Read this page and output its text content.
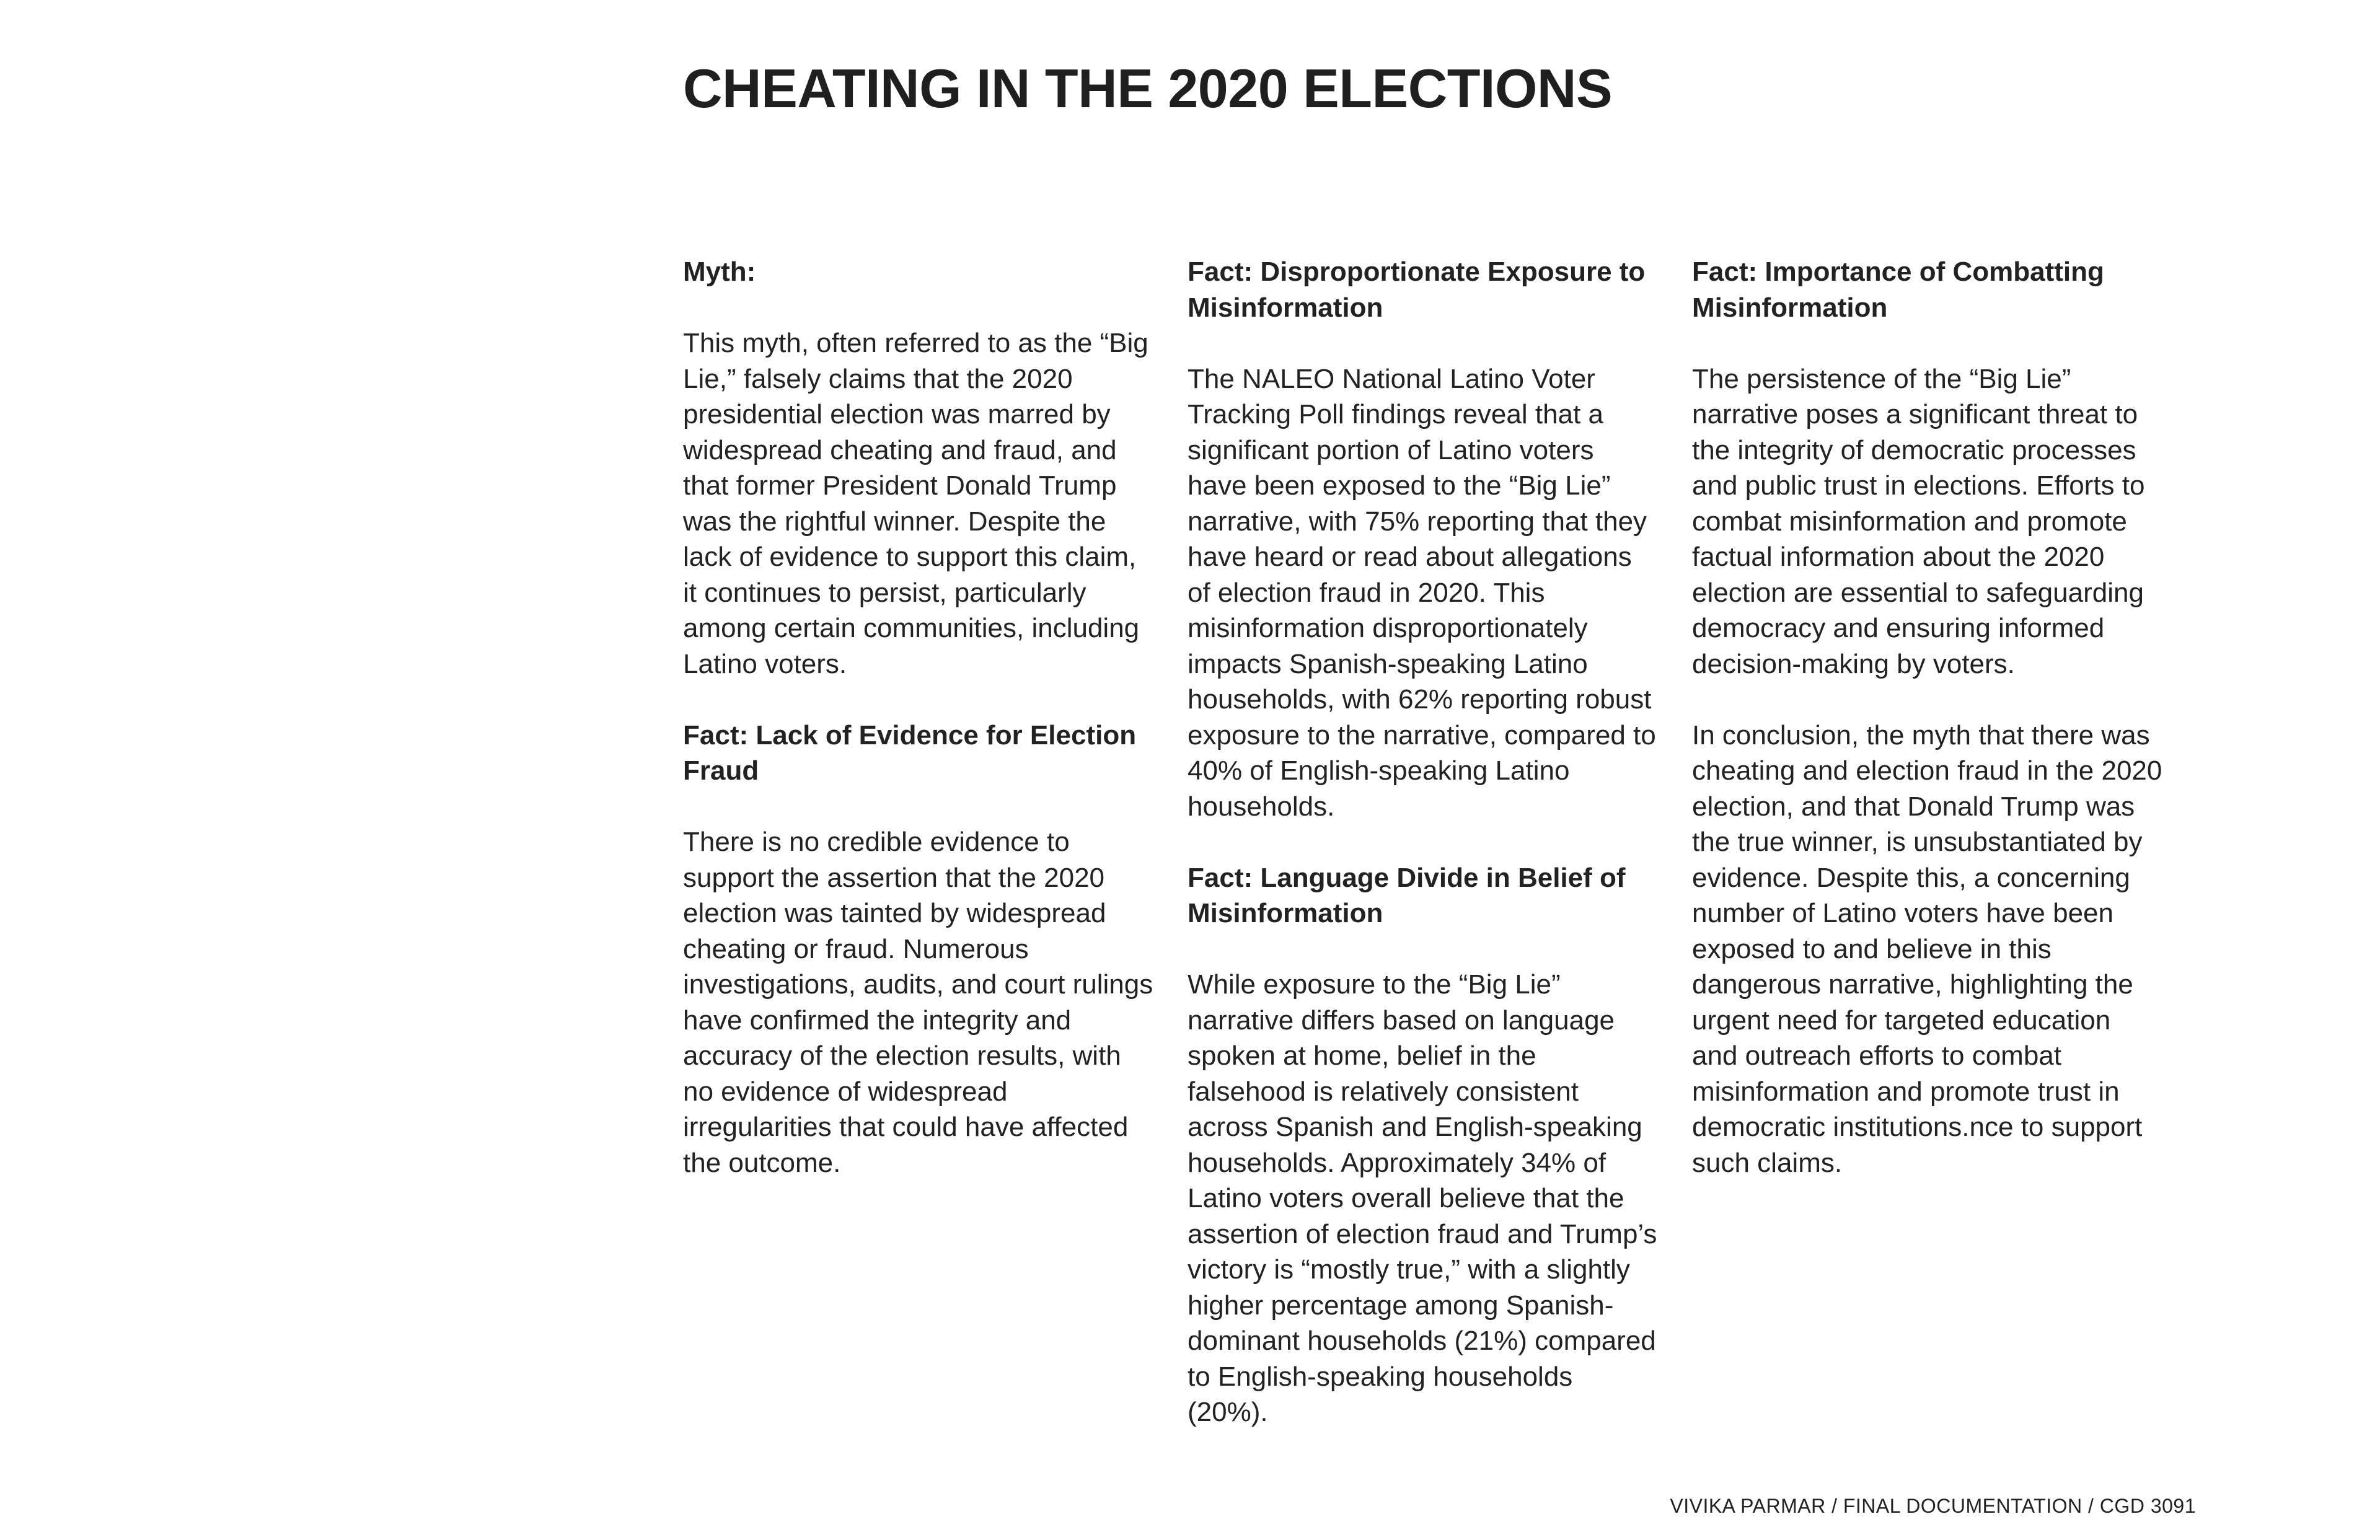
CHEATING IN THE 2020 ELECTIONS
Myth:
This myth, often referred to as the “Big Lie,” falsely claims that the 2020 presidential election was marred by widespread cheating and fraud, and that former President Donald Trump was the rightful winner. Despite the lack of evidence to support this claim, it continues to persist, particularly among certain communities, including Latino voters.
Fact: Lack of Evidence for Election Fraud
There is no credible evidence to support the assertion that the 2020 election was tainted by widespread cheating or fraud. Numerous investigations, audits, and court rulings have confirmed the integrity and accuracy of the election results, with no evidence of widespread irregularities that could have affected the outcome.
Fact: Disproportionate Exposure to Misinformation
The NALEO National Latino Voter Tracking Poll findings reveal that a significant portion of Latino voters have been exposed to the “Big Lie” narrative, with 75% reporting that they have heard or read about allegations of election fraud in 2020. This misinformation disproportionately impacts Spanish-speaking Latino households, with 62% reporting robust exposure to the narrative, compared to 40% of English-speaking Latino households.
Fact: Language Divide in Belief of Misinformation
While exposure to the “Big Lie” narrative differs based on language spoken at home, belief in the falsehood is relatively consistent across Spanish and English-speaking households. Approximately 34% of Latino voters overall believe that the assertion of election fraud and Trump’s victory is “mostly true,” with a slightly higher percentage among Spanish-dominant households (21%) compared to English-speaking households (20%).
Fact: Importance of Combatting Misinformation
The persistence of the “Big Lie” narrative poses a significant threat to the integrity of democratic processes and public trust in elections. Efforts to combat misinformation and promote factual information about the 2020 election are essential to safeguarding democracy and ensuring informed decision-making by voters.
In conclusion, the myth that there was cheating and election fraud in the 2020 election, and that Donald Trump was the true winner, is unsubstantiated by evidence. Despite this, a concerning number of Latino voters have been exposed to and believe in this dangerous narrative, highlighting the urgent need for targeted education and outreach efforts to combat misinformation and promote trust in democratic institutions.nce to support such claims.
VIVIKA PARMAR / FINAL DOCUMENTATION / CGD 3091
